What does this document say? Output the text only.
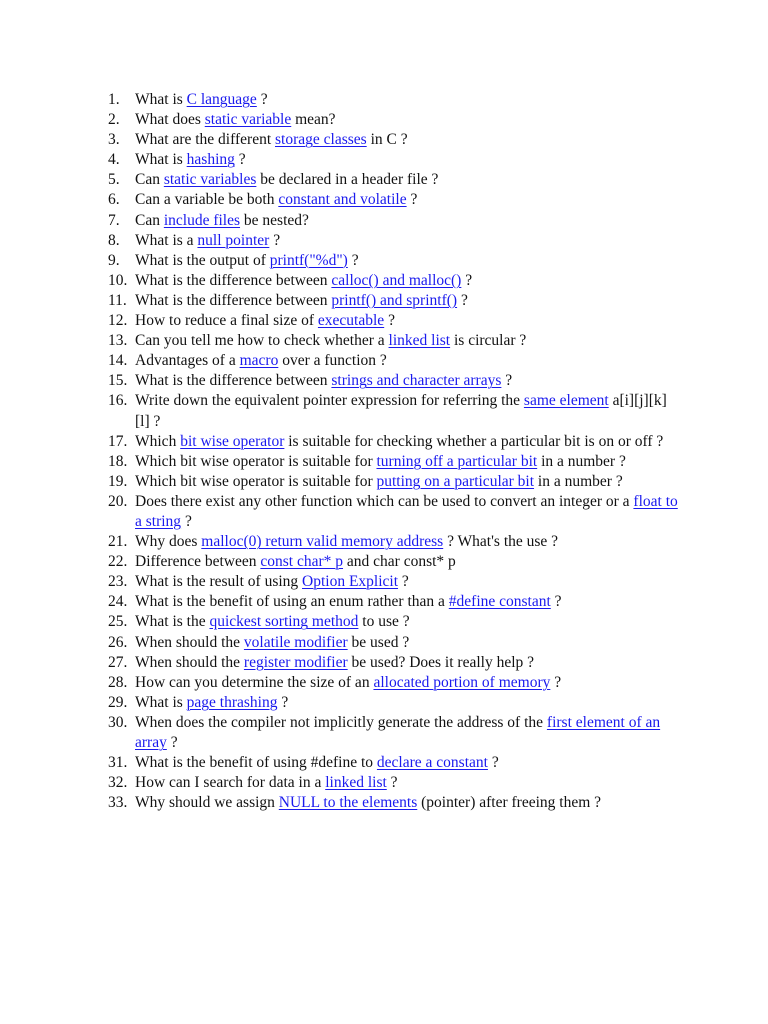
1. What is C language ?
2. What does static variable mean?
3. What are the different storage classes in C ?
4. What is hashing ?
5. Can static variables be declared in a header file ?
6. Can a variable be both constant and volatile ?
7. Can include files be nested?
8. What is a null pointer ?
9. What is the output of printf("%d") ?
10. What is the difference between calloc() and malloc() ?
11. What is the difference between printf() and sprintf() ?
12. How to reduce a final size of executable ?
13. Can you tell me how to check whether a linked list is circular ?
14. Advantages of a macro over a function ?
15. What is the difference between strings and character arrays ?
16. Write down the equivalent pointer expression for referring the same element a[i][j][k][l] ?
17. Which bit wise operator is suitable for checking whether a particular bit is on or off ?
18. Which bit wise operator is suitable for turning off a particular bit in a number ?
19. Which bit wise operator is suitable for putting on a particular bit in a number ?
20. Does there exist any other function which can be used to convert an integer or a float to a string ?
21. Why does malloc(0) return valid memory address ? What's the use ?
22. Difference between const char* p and char const* p
23. What is the result of using Option Explicit ?
24. What is the benefit of using an enum rather than a #define constant ?
25. What is the quickest sorting method to use ?
26. When should the volatile modifier be used ?
27. When should the register modifier be used? Does it really help ?
28. How can you determine the size of an allocated portion of memory ?
29. What is page thrashing ?
30. When does the compiler not implicitly generate the address of the first element of an array ?
31. What is the benefit of using #define to declare a constant ?
32. How can I search for data in a linked list ?
33. Why should we assign NULL to the elements (pointer) after freeing them ?
